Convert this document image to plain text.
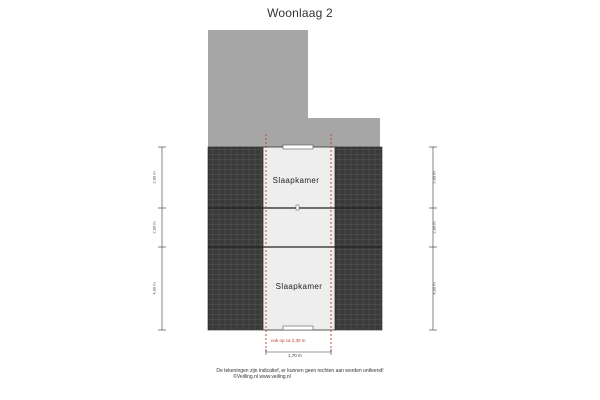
Woonlaag 2
Slaapkamer
Slaapkamer
2,90 m
2,00 m
4,00 m
2,90 m
2,00 m
4,00 m
nok op ca 2,30 m
1,70 m
De tekeningen zijn indicatief, er kunnen geen rechten aan worden ontleend!
©Veilling.nl www.veiling.nl
